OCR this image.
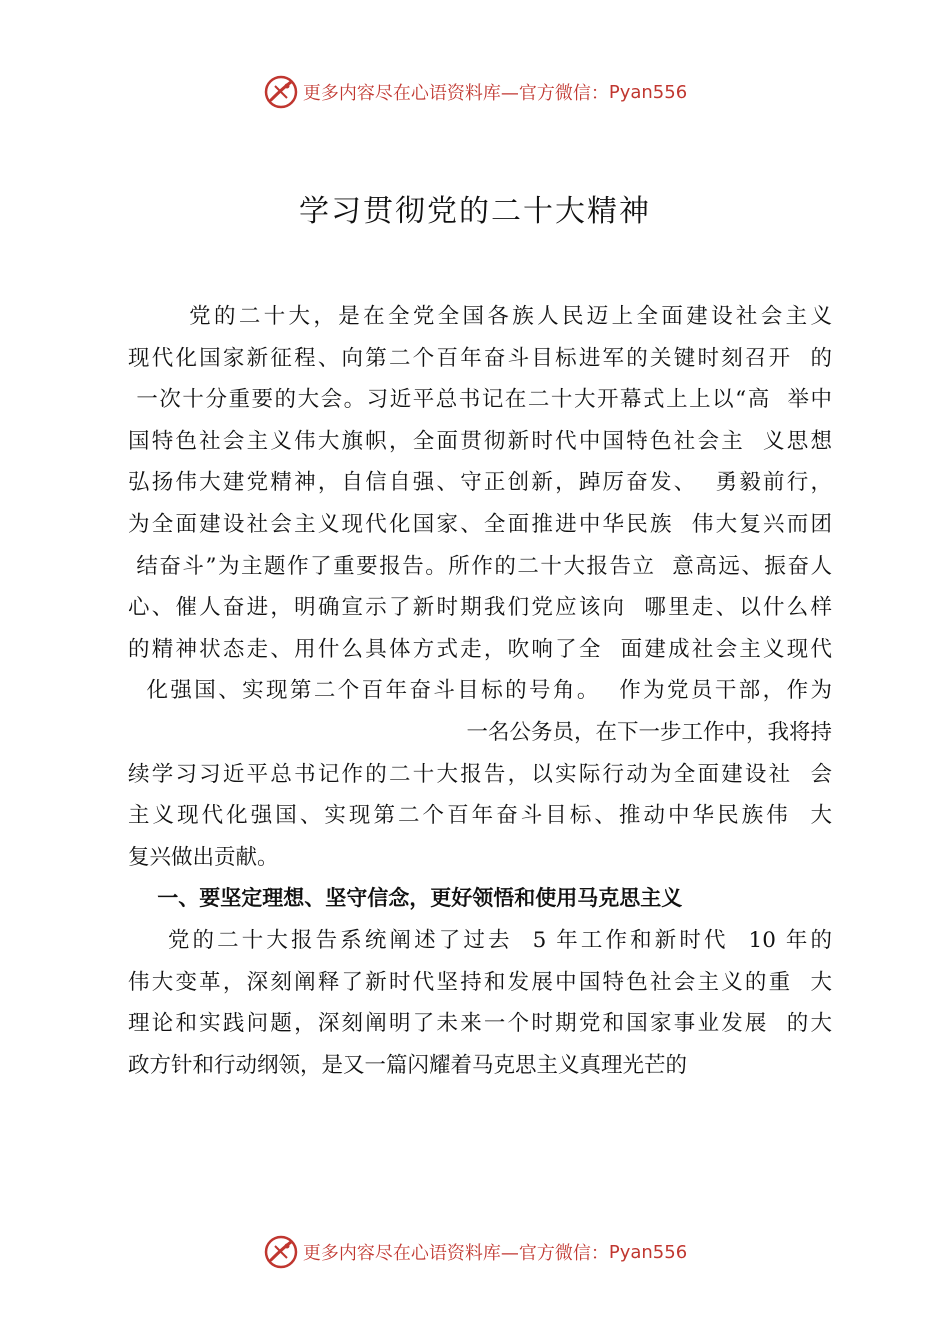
更多内容尽在心语资料库—官方微信： Pyan556
学习贯彻党的二十大精神
党的二十大，是在全党全国各族人民迈上全面建设社会主义
现代化国家新征程、向第二个百年奋斗目标进军的关键时刻召开  的
一次十分重要的大会。习近平总书记在二十大开幕式上上以“高  举中
国特色社会主义伟大旗帜，全面贯彻新时代中国特色社会主  义思想
弘扬伟大建党精神，自信自强、守正创新，踔厉奋发、  勇毅前行，
为全面建设社会主义现代化国家、全面推进中华民族  伟大复兴而团
结奋斗”为主题作了重要报告。所作的二十大报告立  意高远、振奋人
心、催人奋进，明确宣示了新时期我们党应该向  哪里走、以什么样
的精神状态走、用什么具体方式走，吹响了全  面建成社会主义现代
化强国、实现第二个百年奋斗目标的号角。  作为党员干部，作为
一名公务员，在下一步工作中，我将持
续学习习近平总书记作的二十大报告，以实际行动为全面建设社  会
主义现代化强国、实现第二个百年奋斗目标、推动中华民族伟  大
复兴做出贡献。
一、要坚定理想、坚守信念，更好领悟和使用马克思主义
党的二十大报告系统阐述了过去  5 年工作和新时代  10 年的
伟大变革，深刻阐释了新时代坚持和发展中国特色社会主义的重  大
理论和实践问题，深刻阐明了未来一个时期党和国家事业发展  的大
政方针和行动纲领，是又一篇闪耀着马克思主义真理光芒的
更多内容尽在心语资料库—官方微信： Pyan556
